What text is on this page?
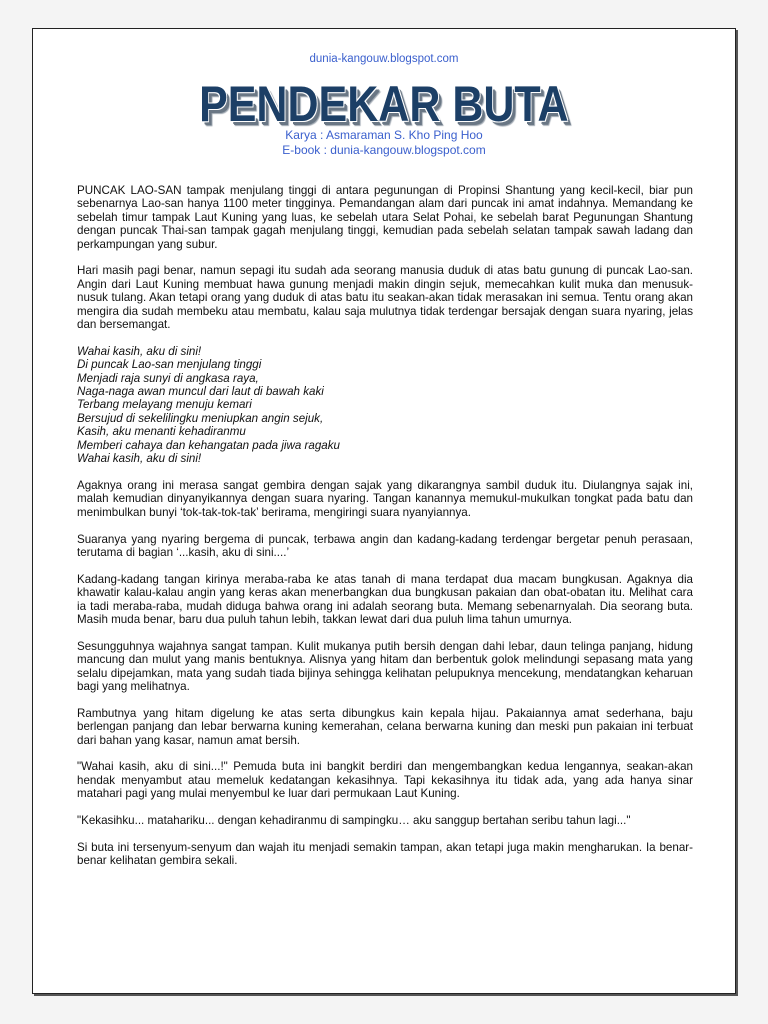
dunia-kangouw.blogspot.com
PENDEKAR BUTA
Karya : Asmaraman S. Kho Ping Hoo
E-book : dunia-kangouw.blogspot.com

PUNCAK LAO-SAN tampak menjulang tinggi di antara pegunungan di Propinsi Shantung yang kecil-kecil, biar pun sebenarnya Lao-san hanya 1100 meter tingginya. Pemandangan alam dari puncak ini amat indahnya. Memandang ke sebelah timur tampak Laut Kuning yang luas, ke sebelah utara Selat Pohai, ke sebelah barat Pegunungan Shantung dengan puncak Thai-san tampak gagah menjulang tinggi, kemudian pada sebelah selatan tampak sawah ladang dan perkampungan yang subur.

Hari masih pagi benar, namun sepagi itu sudah ada seorang manusia duduk di atas batu gunung di puncak Lao-san. Angin dari Laut Kuning membuat hawa gunung menjadi makin dingin sejuk, memecahkan kulit muka dan menusuk-nusuk tulang. Akan tetapi orang yang duduk di atas batu itu seakan-akan tidak merasakan ini semua. Tentu orang akan mengira dia sudah membeku atau membatu, kalau saja mulutnya tidak terdengar bersajak dengan suara nyaring, jelas dan bersemangat.

Wahai kasih, aku di sini!
Di puncak Lao-san menjulang tinggi
Menjadi raja sunyi di angkasa raya,
Naga-naga awan muncul dari laut di bawah kaki
Terbang melayang menuju kemari
Bersujud di sekelilingku meniupkan angin sejuk,
Kasih, aku menanti kehadiranmu
Memberi cahaya dan kehangatan pada jiwa ragaku
Wahai kasih, aku di sini!

Agaknya orang ini merasa sangat gembira dengan sajak yang dikarangnya sambil duduk itu. Diulangnya sajak ini, malah kemudian dinyanyikannya dengan suara nyaring. Tangan kanannya memukul-mukulkan tongkat pada batu dan menimbulkan bunyi ‘tok-tak-tok-tak’ berirama, mengiringi suara nyanyiannya.

Suaranya yang nyaring bergema di puncak, terbawa angin dan kadang-kadang terdengar bergetar penuh perasaan, terutama di bagian ‘...kasih, aku di sini....’

Kadang-kadang tangan kirinya meraba-raba ke atas tanah di mana terdapat dua macam bungkusan. Agaknya dia khawatir kalau-kalau angin yang keras akan menerbangkan dua bungkusan pakaian dan obat-obatan itu. Melihat cara ia tadi meraba-raba, mudah diduga bahwa orang ini adalah seorang buta. Memang sebenarnyalah. Dia seorang buta. Masih muda benar, baru dua puluh tahun lebih, takkan lewat dari dua puluh lima tahun umurnya.

Sesungguhnya wajahnya sangat tampan. Kulit mukanya putih bersih dengan dahi lebar, daun telinga panjang, hidung mancung dan mulut yang manis bentuknya. Alisnya yang hitam dan berbentuk golok melindungi sepasang mata yang selalu dipejamkan, mata yang sudah tiada bijinya sehingga kelihatan pelupuknya mencekung, mendatangkan keharuan bagi yang melihatnya.

Rambutnya yang hitam digelung ke atas serta dibungkus kain kepala hijau. Pakaiannya amat sederhana, baju berlengan panjang dan lebar berwarna kuning kemerahan, celana berwarna kuning dan meski pun pakaian ini terbuat dari bahan yang kasar, namun amat bersih.

"Wahai kasih, aku di sini...!" Pemuda buta ini bangkit berdiri dan mengembangkan kedua lengannya, seakan-akan hendak menyambut atau memeluk kedatangan kekasihnya. Tapi kekasihnya itu tidak ada, yang ada hanya sinar matahari pagi yang mulai menyembul ke luar dari permukaan Laut Kuning.

"Kekasihku... matahariku... dengan kehadiranmu di sampingku… aku sanggup bertahan seribu tahun lagi..."

Si buta ini tersenyum-senyum dan wajah itu menjadi semakin tampan, akan tetapi juga makin mengharukan. Ia benar-benar kelihatan gembira sekali.
